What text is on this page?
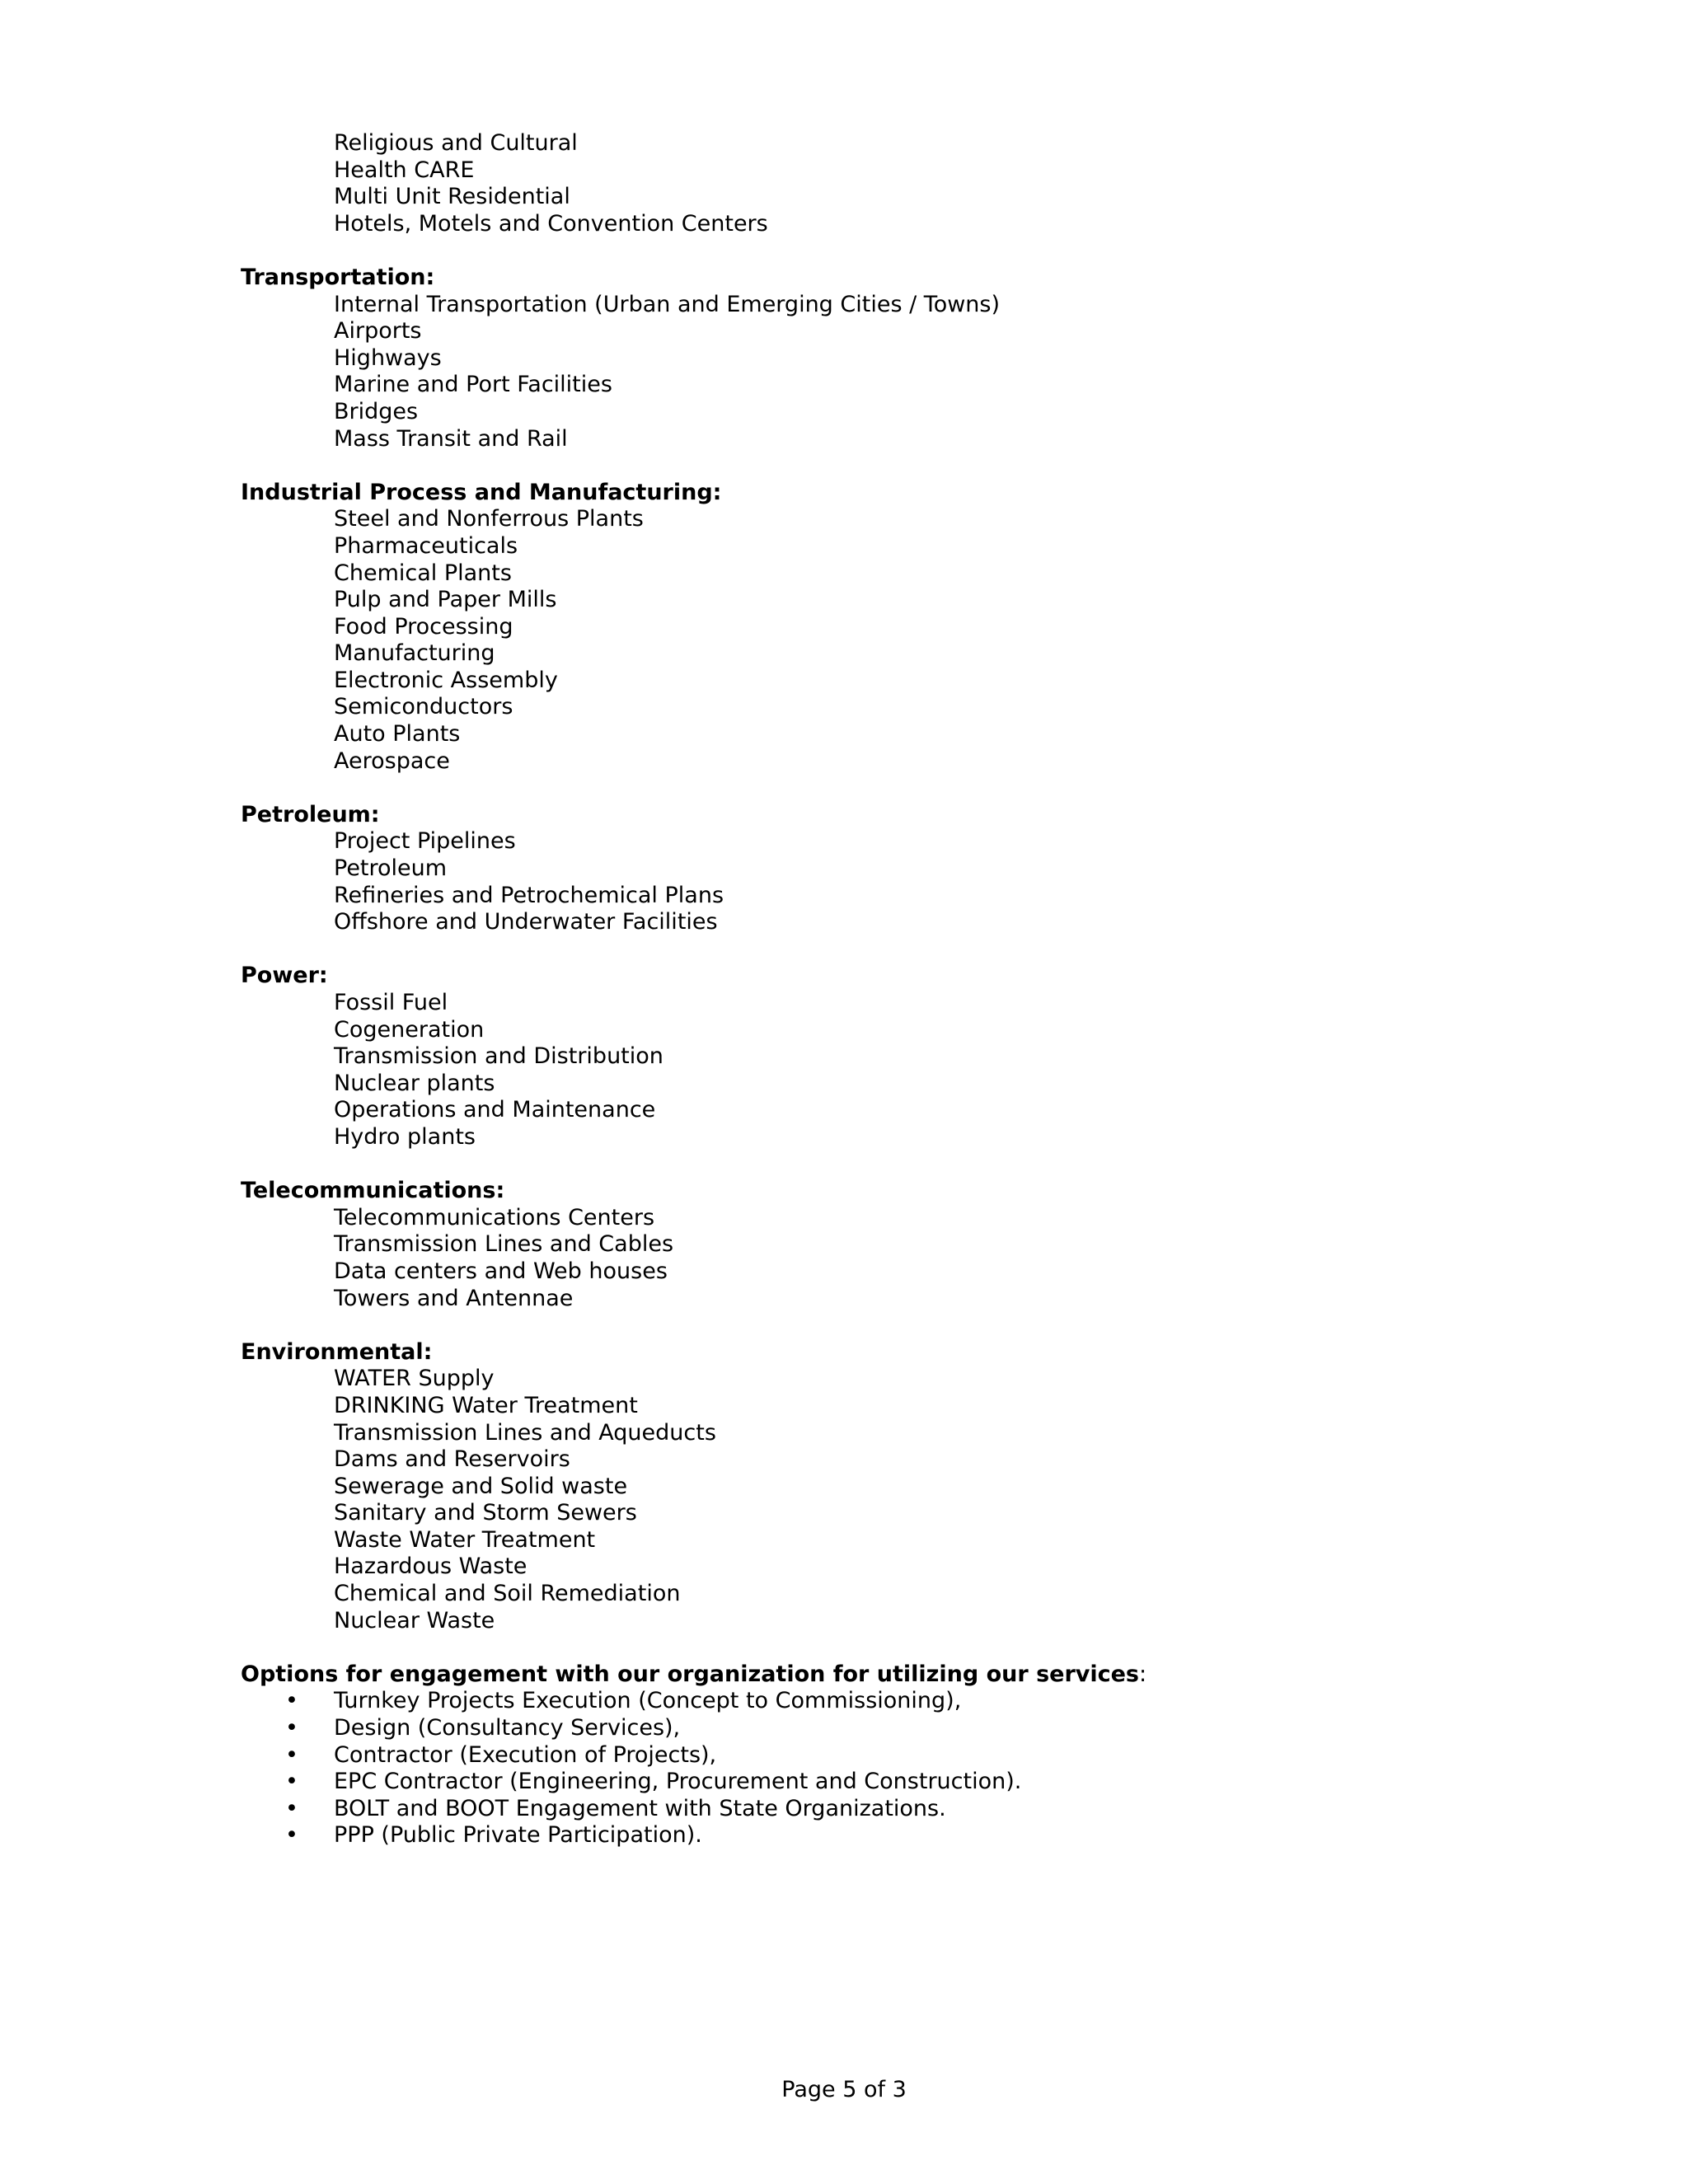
Religious and Cultural
Health CARE
Multi Unit Residential
Hotels, Motels and Convention Centers
Transportation:
Internal Transportation (Urban and Emerging Cities / Towns)
Airports
Highways
Marine and Port Facilities
Bridges
Mass Transit and Rail
Industrial Process and Manufacturing:
Steel and Nonferrous Plants
Pharmaceuticals
Chemical Plants
Pulp and Paper Mills
Food Processing
Manufacturing
Electronic Assembly
Semiconductors
Auto Plants
Aerospace
Petroleum:
Project Pipelines
Petroleum
Refineries and Petrochemical Plans
Offshore and Underwater Facilities
Power:
Fossil Fuel
Cogeneration
Transmission and Distribution
Nuclear plants
Operations and Maintenance
Hydro plants
Telecommunications:
Telecommunications Centers
Transmission Lines and Cables
Data centers and Web houses
Towers and Antennae
Environmental:
WATER Supply
DRINKING Water Treatment
Transmission Lines and Aqueducts
Dams and Reservoirs
Sewerage and Solid waste
Sanitary and Storm Sewers
Waste Water Treatment
Hazardous Waste
Chemical and Soil Remediation
Nuclear Waste
Options for engagement with our organization for utilizing our services:
• Turnkey Projects Execution (Concept to Commissioning),
• Design (Consultancy Services),
• Contractor (Execution of Projects),
• EPC Contractor (Engineering, Procurement and Construction).
• BOLT and BOOT Engagement with State Organizations.
• PPP (Public Private Participation).
Page 5 of 3
